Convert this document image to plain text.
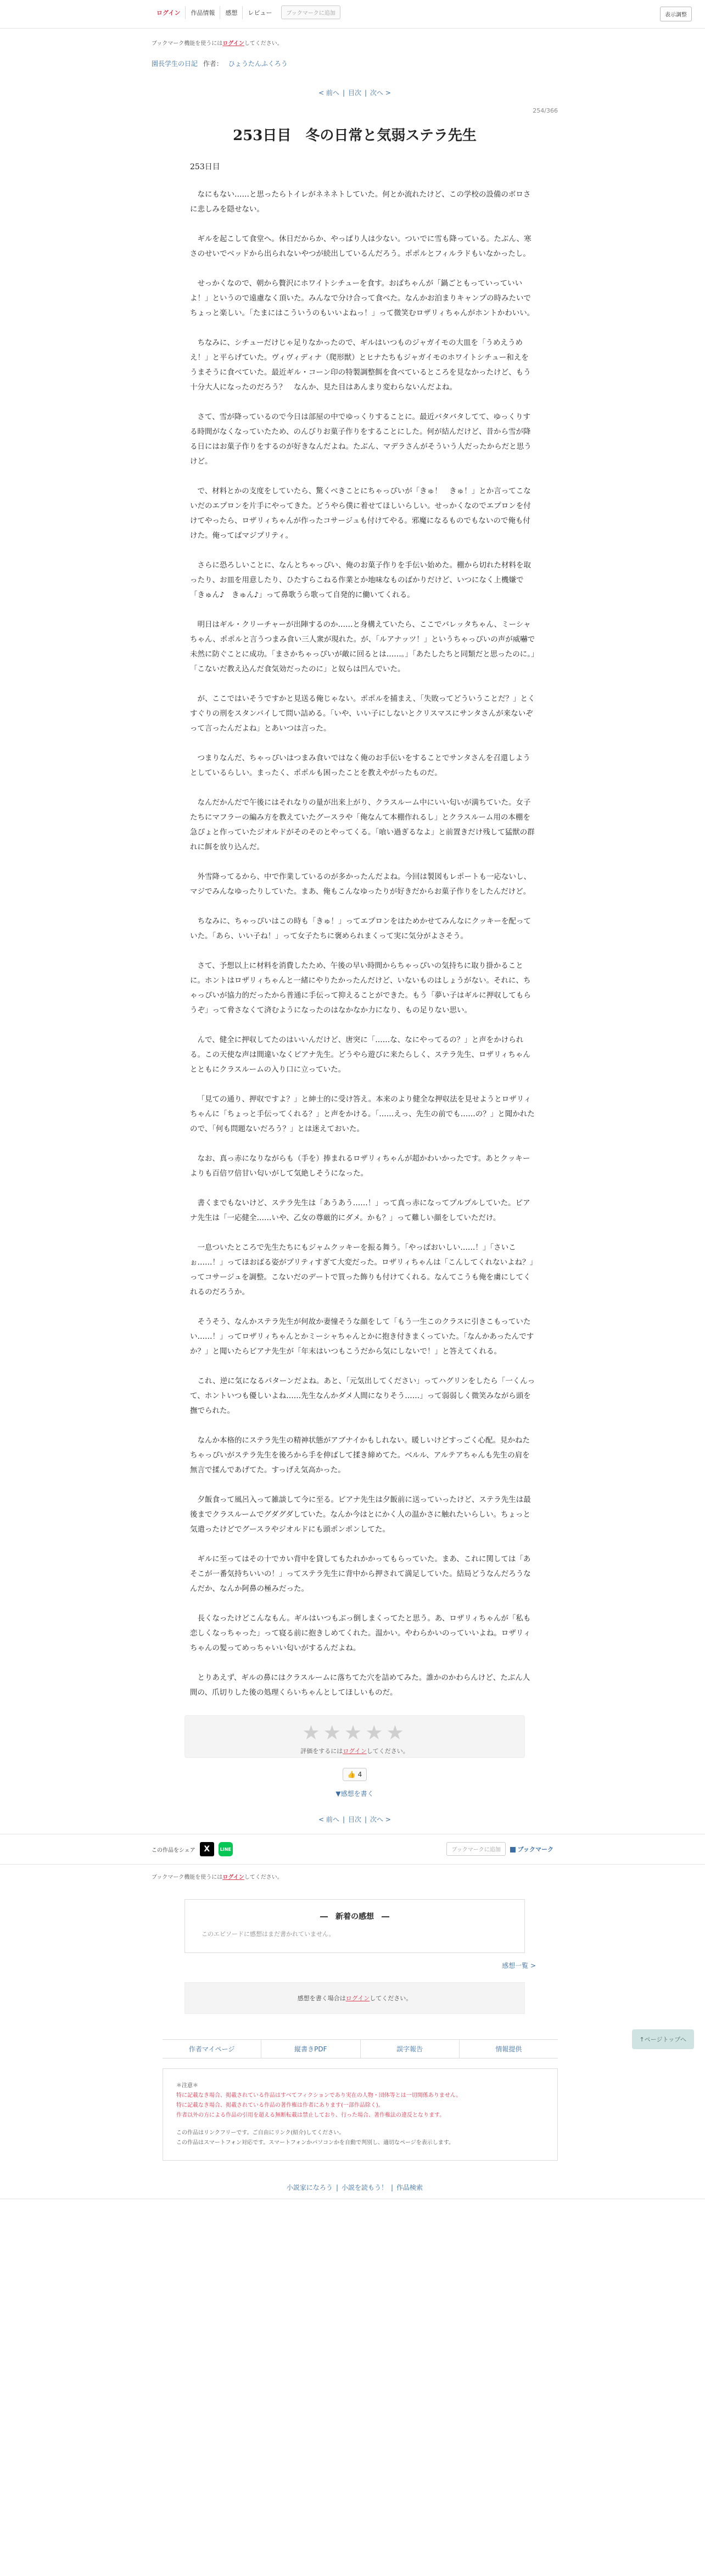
ログイン	作品情報	感想	レビュー	ブックマークに追加	表示調整
ブックマーク機能を使うにはログインしてください。
園長学生の日記 作者： ひょうたんふくろう
< 前へ | 目次 | 次へ >
254/366
253日目　冬の日常と気弱ステラ先生
253日目

なにもない……と思ったらトイレがネネネトしていた。何とか流れたけど、この学校の設備のボロさに悲しみを隠せない。

ギルを起こして食堂へ。休日だからか、やっぱり人は少ない。ついでに雪も降っている。たぶん、寒さのせいでベッドから出られないやつが続出しているんだろう。ポポルとフィルラドもいなかったし。

せっかくなので、朝から贅沢にホワイトシチューを食す。おばちゃんが「鍋ごともっていっていいよ！」というので遠慮なく頂いた。みんなで分け合って食べた。なんかお泊まりキャンプの時みたいでちょっと楽しい。「たまにはこういうのもいいよねっ！」って微笑むロザリィちゃんがホントかわいい。

ちなみに、シチューだけじゃ足りなかったので、ギルはいつものジャガイモの大皿を「うめえうめえ！」と平らげていた。ヴィヴィディナ（爬形獣）とヒナたちもジャガイモのホワイトシチュー和えをうまそうに食べていた。最近ギル・コーン印の特製調整餌を食べているところを見なかったけど、もう十分大人になったのだろう？　なんか、見た目はあんまり変わらないんだよね。

さて、雪が降っているので今日は部屋の中でゆっくりすることに。最近バタバタしてて、ゆっくりする時間がなくなっていたため、のんびりお菓子作りをすることにした。何が結んだけど、昔から雪が降る日にはお菓子作りをするのが好きなんだよね。たぶん、マデラさんがそういう人だったからだと思うけど。

で、材料とかの支度をしていたら、驚くべきことにちゃっぴいが「きゅ！　きゅ！」とか言ってこないだのエプロンを片手にやってきた。どうやら僕に着せてほしいらしい。せっかくなのでエプロンを付けてやったら、ロザリィちゃんが作ったコサージュも付けてやる。邪魔になるものでもないので俺も付けた。俺ってばマジプリティ。

さらに恐ろしいことに、なんとちゃっぴい、俺のお菓子作りを手伝い始めた。棚から切れた材料を取ったり、お皿を用意したり、ひたすらこねる作業とか地味なものばかりだけど、いつになく上機嫌で「きゅん♪　きゅん♪」って鼻歌うら歌って自発的に働いてくれる。

明日はギル・クリーチャーが出陣するのか……と身構えていたら、ここでバレッタちゃん、ミーシャちゃん、ポポルと言うつまみ食い三人衆が現れた。が、「ルアナッツ！」というちゃっぴいの声が威嚇で未然に防ぐことに成功。「まさかちゃっぴいが敵に回るとは……。」「あたしたちと同類だと思ったのに。」「こないだ教え込んだ食気効だったのに」と奴らは凹んでいた。

が、ここではいそうですかと見送る俺じゃない。ポポルを捕まえ、「失敗ってどういうことだ？」とくすぐりの刑をスタンバイして問い詰める。「いや、いい子にしないとクリスマスにサンタさんが来ないぞって言ったんだよね」とあいつは言った。

つまりなんだ、ちゃっぴいはつまみ食いではなく俺のお手伝いをすることでサンタさんを召還しようとしているらしい。まったく、ポポルも困ったことを教えやがったものだ。

なんだかんだで午後にはそれなりの量が出来上がり、クラスルーム中にいい匂いが満ちていた。女子たちにマフラーの編み方を教えていたグースラや「俺なんて本棚作れるし」とクラスルーム用の本棚を急ぴょと作っていたジオルドがそのそのとやってくる。「喰い過ぎるなよ」と前置きだけ残して猛獣の群れに餌を放り込んだ。

外雪降ってるから、中で作業しているのが多かったんだよね。今回は製図もレポートも一応ないし、マジでみんなゆったりしていた。まあ、俺もこんなゆったりが好きだからお菓子作りをしたんだけど。

ちなみに、ちゃっぴいはこの時も「きゅ！」ってエプロンをはためかせてみんなにクッキーを配っていた。「あら、いい子ね！」って女子たちに褒められまくって実に気分がよさそう。

さて、予想以上に材料を消費したため、午後の早い時間からちゃっぴいの気持ちに取り掛かることに。ホントはロザリィちゃんと一緒にやりたかったんだけど、いないものはしょうがない。それに、ちゃっぴいが協力的だったから普通に手伝って抑えることができた。もう「夢い子はギルに押収してもらうぞ」って脅さなくて済むようになったのはなかなか力になり、もの足りない思い。

んで、健全に押収してたのはいいんだけど、唐突に「……な、なにやってるの？」と声をかけられる。この天使な声は間違いなくピアナ先生。どうやら遊びに来たらしく、ステラ先生、ロザリィちゃんとともにクラスルームの入り口に立っていた。

「見ての通り、押収ですよ？」と紳士的に受け答え。本来のより健全な押収法を見せようとロザリィちゃんに「ちょっと手伝ってくれる？」と声をかける。「……えっ、先生の前でも……の？」と聞かれたので、「何も問題ないだろう？」とは迷えておいた。

なお、真っ赤になりながらも（手を）捧まれるロザリィちゃんが超かわいかったです。あとクッキーよりも百倍ワ倍甘い匂いがして気絶しそうになった。

書くまでもないけど、ステラ先生は「あうあう……！」って真っ赤になってプルプルしていた。ピアナ先生は「一応健全……いや、乙女の尊厳的にダメ。かも？」って難しい顔をしていただけ。

一息ついたところで先生たちにもジャムクッキーを振る舞う。「やっぱおいしい……！」「さいこぉ……！」ってほおばる姿がプリティすぎて大変だった。ロザリィちゃんは「こんしてくれないよね？」ってコサージュを調整。こないだのデートで買った飾りも付けてくれる。なんてこうも俺を虜にしてくれるのだろうか。

そうそう、なんかステラ先生が何故か妻憧そうな顔をして「もう一生このクラスに引きこもっていたい……！」ってロザリィちゃんとかミーシャちゃんとかに抱き付きまくっていた。「なんかあったんですか？」と聞いたらピアナ先生が「年末はいつもこうだから気にしないで！」と答えてくれる。

これ、逆に気になるパターンだよね。あと、「元気出してください」ってハグリンをしたら「一くんって、ホントいつも優しいよね……先生なんかダメ人間になりそう……」って弱弱しく微笑みながら頭を撫でられた。

なんか本格的にステラ先生の精神状態がアブナイかもしれない。暖しいけどすっごく心配。見かねたちゃっぴいがステラ先生を後ろから手を伸ばして揉き締めてた。ベルル、アルテアちゃんも先生の肩を無言で揉んであげてた。すっげえ気高かった。

夕飯食って風呂入って雑談して今に至る。ピアナ先生は夕飯前に送っていったけど、ステラ先生は最後までクラスルームでグダグダしていた。なんか今はとにかく人の温かさに触れたいらしい。ちょっと気遣ったけどでグースラやジオルドにも頭ポンポンしてた。

ギルに至ってはその十でカい背中を貸してもたれかかってもらっていた。まあ、これに関しては「あそこが一番気持ちいいの！」ってステラ先生に背中から押されて満足していた。結局どうなんだろうなんだか、なんか阿鼻の極みだった。

長くなったけどこんなもん。ギルはいつもぶっ倒しまくってたと思う。あ、ロザリィちゃんが「私も恋しくなっちゃった」って寝る前に抱きしめてくれた。温かい。やわらかいのっていいよね。ロザリィちゃんの髪ってめっちゃいい匂いがするんだよね。

とりあえず、ギルの鼻にはクラスルームに落ちてた穴を詰めてみた。誰かのかわらんけど、たぶん人間の、爪切りした後の処理くらいちゃんとしてほしいものだ。

★★★★★
評価をするにはログインしてください。
👍 4
▼感想を書く
< 前へ | 目次 | 次へ >
この作品をシェア	X	LINE	ブックマークに追加	ブックマーク
ブックマーク機能を使うにはログインしてください。
―　新着の感想　―
このエピソードに感想はまだ書かれていません。
感想一覧 >
感想を書く場合はログインしてください。
作者マイページ	縦書きPDF	誤字報告	情報提供
＊注意＊
特に記載なき場合、掲載されている作品はすべてフィクションであり実在の人物・団体等とは一切関係ありません。
特に記載なき場合、掲載されている作品の著作権は作者にあります(一部作品除く)。
作者以外の方による作品の引用を超える無断転載は禁止しており、行った場合、著作権法の違反となります。
この作品はリンクフリーです。ご自由にリンク(紹介)してください。
この作品はスマートフォン対応です。スマートフォンかパソコンかを自動で判別し、適切なページを表示します。
小説家になろう | 小説を読もう！ | 作品検索
↑ページトップへ
